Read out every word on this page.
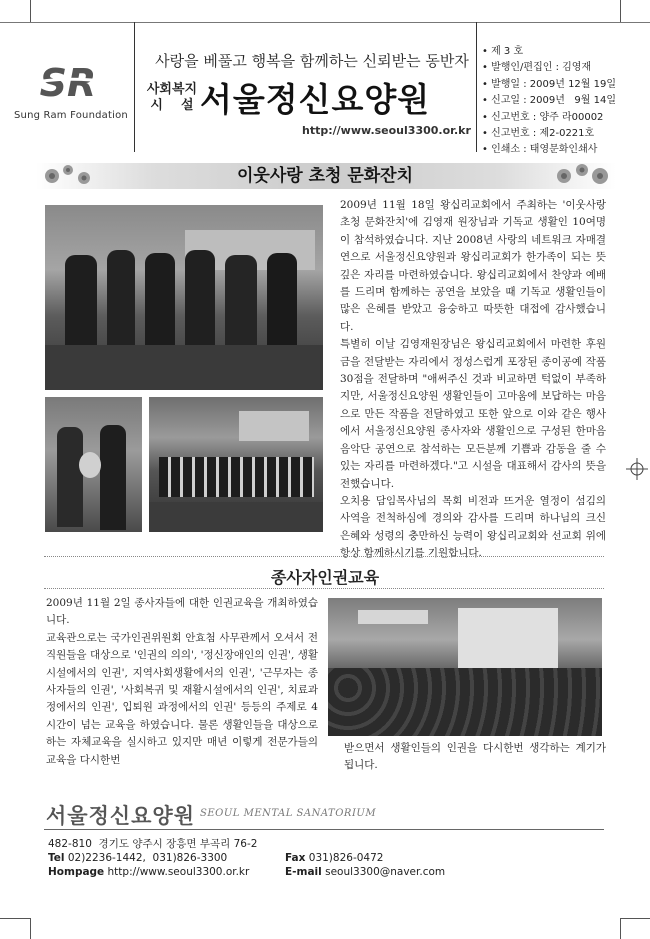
SR
Sung Ram Foundation
사랑을 베풀고 행복을 함께하는 신뢰받는 동반자
사회복지
시    설 서울정신요양원
http://www.seoul3300.or.kr
• 제 3 호
• 발행인/편집인 : 김영재
• 발행일 : 2009년 12월 19일
• 신고일 : 2009년   9월 14일
• 신고번호 : 양주 라00002
• 신고번호 : 제2-0221호
• 인쇄소 : 태영문화인쇄사
이웃사랑 초청 문화잔치

2009년 11월 18일 왕십리교회에서 주최하는 '이웃사랑 초청 문화잔치'에 김영재 원장님과 기독교 생활인 10여명이 참석하였습니다. 지난 2008년 사랑의 네트워크 자매결연으로 서울정신요양원과 왕십리교회가 한가족이 되는 뜻깊은 자리를 마련하였습니다. 왕십리교회에서 찬양과 예배를 드리며 함께하는 공연을 보았을 때 기독교 생활인들이 많은 은혜를 받았고 융숭하고 따뜻한 대접에 감사했습니다.

특별히 이날 김영재원장님은 왕십리교회에서 마련한 후원금을 전달받는 자리에서 정성스럽게 포장된 종이공예 작품 30점을 전달하며 "애써주신 것과 비교하면 턱없이 부족하지만, 서울정신요양원 생활인들이 고마움에 보답하는 마음으로 만든 작품을 전달하였고 또한 앞으로 이와 같은 행사에서 서울정신요양원 종사자와 생활인으로 구성된 한마음음악단 공연으로 참석하는 모든분께 기쁨과 감동을 줄 수 있는 자리를 마련하겠다."고 시설을 대표해서 감사의 뜻을 전했습니다.

오치용 담임목사님의 목회 비전과 뜨거운 열정이 섬김의 사역을 전척하심에 경의와 감사를 드리며 하나님의 크신 은혜와 성령의 충만하신 능력이 왕십리교회와 선교회 위에 항상 함께하시기를 기원합니다.

종사자인권교육

2009년 11월 2일 종사자들에 대한 인권교육을 개최하였습니다.

교육관으로는 국가인권위원회 안효첨 사무관께서 오셔서 전직원들을 대상으로 '인권의 의의', '정신장애인의 인권', 생활시설에서의 인권', 지역사회생활에서의 인권', '근무자는 종사자들의 인권', '사회복귀 및 재활시설에서의 인권', 치료과정에서의 인권', 입퇴원 과정에서의 인권' 등등의 주제로 4시간이 넘는 교육을 하였습니다. 물론 생활인들을 대상으로 하는 자체교육을 실시하고 있지만 매년 이렇게 전문가들의 교육을 다시한번

받으면서 생활인들의 인권을 다시한번 생각하는 계기가 됩니다.
서울정신요양원 SEOUL MENTAL SANATORIUM
482-810  경기도 양주시 장흥면 부곡리 76-2
Tel 02)2236-1442,  031)826-3300	Fax 031)826-0472
Hompage http://www.seoul3300.or.kr	E-mail seoul3300@naver.com
